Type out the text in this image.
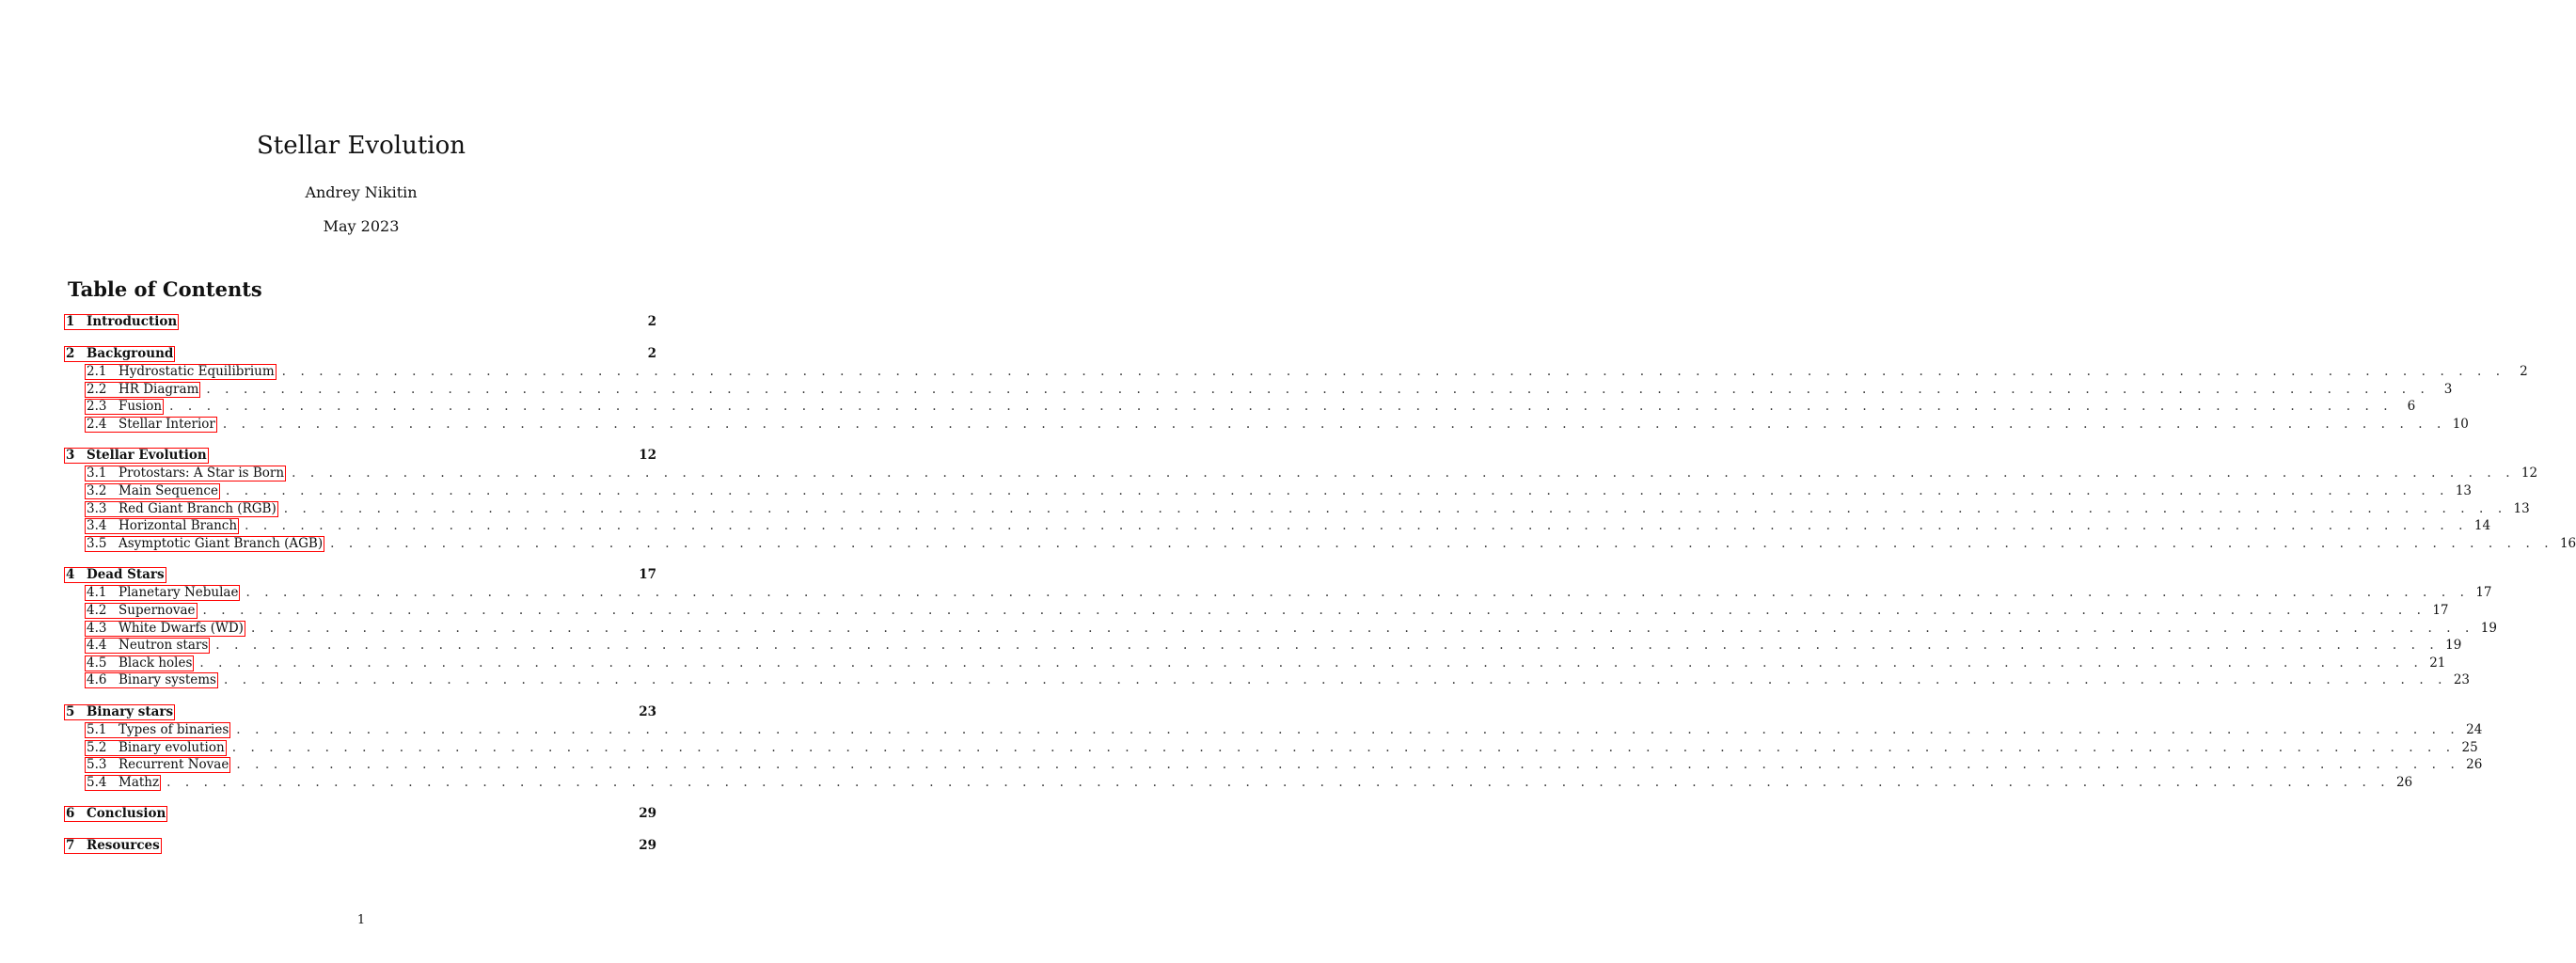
Stellar Evolution
Andrey Nikitin
May 2023
Table of Contents
1 Introduction	2
2 Background	2
2.1 Hydrostatic Equilibrium . . . . . . . . . . . . . . . . . . . . . . . . . . . . . . . . . . . . . . . . . . . . . . . . . . . . . . . . . . . . . . . . . . . . . . . . . . . . . . . . . . . . . . . . . . . . . . . . . . . . . . . . . . . . . . . . . . . . . . . .	2
2.2 HR Diagram . . . . . . . . . . . . . . . . . . . . . . . . . . . . . . . . . . . . . . . . . . . . . . . . . . . . . . . . . . . . . . . . . . . . . . . . . . . . . . . . . . . . . . . . . . . . . . . . . . . . . . . . . . . . . . . . . . . . . . . .	3
2.3 Fusion . . . . . . . . . . . . . . . . . . . . . . . . . . . . . . . . . . . . . . . . . . . . . . . . . . . . . . . . . . . . . . . . . . . . . . . . . . . . . . . . . . . . . . . . . . . . . . . . . . . . . . . . . . . . . . . . . . . . . . . .	6
2.4 Stellar Interior . . . . . . . . . . . . . . . . . . . . . . . . . . . . . . . . . . . . . . . . . . . . . . . . . . . . . . . . . . . . . . . . . . . . . . . . . . . . . . . . . . . . . . . . . . . . . . . . . . . . . . . . . . . . . . . . . . . . . . . . 10
3 Stellar Evolution	12
3.1 Protostars: A Star is Born . . . . . . . . . . . . . . . . . . . . . . . . . . . . . . . . . . . . . . . . . . . . . . . . . . . . . . . . . . . . . . . . . . . . . . . . . . . . . . . . . . . . . . . . . . . . . . . . . . . . . . . . . . . . . . . . . . . . . . . . 12
3.2 Main Sequence . . . . . . . . . . . . . . . . . . . . . . . . . . . . . . . . . . . . . . . . . . . . . . . . . . . . . . . . . . . . . . . . . . . . . . . . . . . . . . . . . . . . . . . . . . . . . . . . . . . . . . . . . . . . . . . . . . . . . . . . 13
3.3 Red Giant Branch (RGB) . . . . . . . . . . . . . . . . . . . . . . . . . . . . . . . . . . . . . . . . . . . . . . . . . . . . . . . . . . . . . . . . . . . . . . . . . . . . . . . . . . . . . . . . . . . . . . . . . . . . . . . . . . . . . . . . . . . . . . . . 13
3.4 Horizontal Branch . . . . . . . . . . . . . . . . . . . . . . . . . . . . . . . . . . . . . . . . . . . . . . . . . . . . . . . . . . . . . . . . . . . . . . . . . . . . . . . . . . . . . . . . . . . . . . . . . . . . . . . . . . . . . . . . . . . . . . . . 14
3.5 Asymptotic Giant Branch (AGB) . . . . . . . . . . . . . . . . . . . . . . . . . . . . . . . . . . . . . . . . . . . . . . . . . . . . . . . . . . . . . . . . . . . . . . . . . . . . . . . . . . . . . . . . . . . . . . . . . . . . . . . . . . . . . . . . . . . . . . . . 16
4 Dead Stars	17
4.1 Planetary Nebulae . . . . . . . . . . . . . . . . . . . . . . . . . . . . . . . . . . . . . . . . . . . . . . . . . . . . . . . . . . . . . . . . . . . . . . . . . . . . . . . . . . . . . . . . . . . . . . . . . . . . . . . . . . . . . . . . . . . . . . . . 17
4.2 Supernovae . . . . . . . . . . . . . . . . . . . . . . . . . . . . . . . . . . . . . . . . . . . . . . . . . . . . . . . . . . . . . . . . . . . . . . . . . . . . . . . . . . . . . . . . . . . . . . . . . . . . . . . . . . . . . . . . . . . . . . . . 17
4.3 White Dwarfs (WD) . . . . . . . . . . . . . . . . . . . . . . . . . . . . . . . . . . . . . . . . . . . . . . . . . . . . . . . . . . . . . . . . . . . . . . . . . . . . . . . . . . . . . . . . . . . . . . . . . . . . . . . . . . . . . . . . . . . . . . . . 19
4.4 Neutron stars . . . . . . . . . . . . . . . . . . . . . . . . . . . . . . . . . . . . . . . . . . . . . . . . . . . . . . . . . . . . . . . . . . . . . . . . . . . . . . . . . . . . . . . . . . . . . . . . . . . . . . . . . . . . . . . . . . . . . . . . 19
4.5 Black holes . . . . . . . . . . . . . . . . . . . . . . . . . . . . . . . . . . . . . . . . . . . . . . . . . . . . . . . . . . . . . . . . . . . . . . . . . . . . . . . . . . . . . . . . . . . . . . . . . . . . . . . . . . . . . . . . . . . . . . . . 21
4.6 Binary systems . . . . . . . . . . . . . . . . . . . . . . . . . . . . . . . . . . . . . . . . . . . . . . . . . . . . . . . . . . . . . . . . . . . . . . . . . . . . . . . . . . . . . . . . . . . . . . . . . . . . . . . . . . . . . . . . . . . . . . . . 23
5 Binary stars	23
5.1 Types of binaries . . . . . . . . . . . . . . . . . . . . . . . . . . . . . . . . . . . . . . . . . . . . . . . . . . . . . . . . . . . . . . . . . . . . . . . . . . . . . . . . . . . . . . . . . . . . . . . . . . . . . . . . . . . . . . . . . . . . . . . . 24
5.2 Binary evolution . . . . . . . . . . . . . . . . . . . . . . . . . . . . . . . . . . . . . . . . . . . . . . . . . . . . . . . . . . . . . . . . . . . . . . . . . . . . . . . . . . . . . . . . . . . . . . . . . . . . . . . . . . . . . . . . . . . . . . . . 25
5.3 Recurrent Novae . . . . . . . . . . . . . . . . . . . . . . . . . . . . . . . . . . . . . . . . . . . . . . . . . . . . . . . . . . . . . . . . . . . . . . . . . . . . . . . . . . . . . . . . . . . . . . . . . . . . . . . . . . . . . . . . . . . . . . . . 26
5.4 Mathz . . . . . . . . . . . . . . . . . . . . . . . . . . . . . . . . . . . . . . . . . . . . . . . . . . . . . . . . . . . . . . . . . . . . . . . . . . . . . . . . . . . . . . . . . . . . . . . . . . . . . . . . . . . . . . . . . . . . . . . . 26
6 Conclusion	29
7 Resources	29
1
